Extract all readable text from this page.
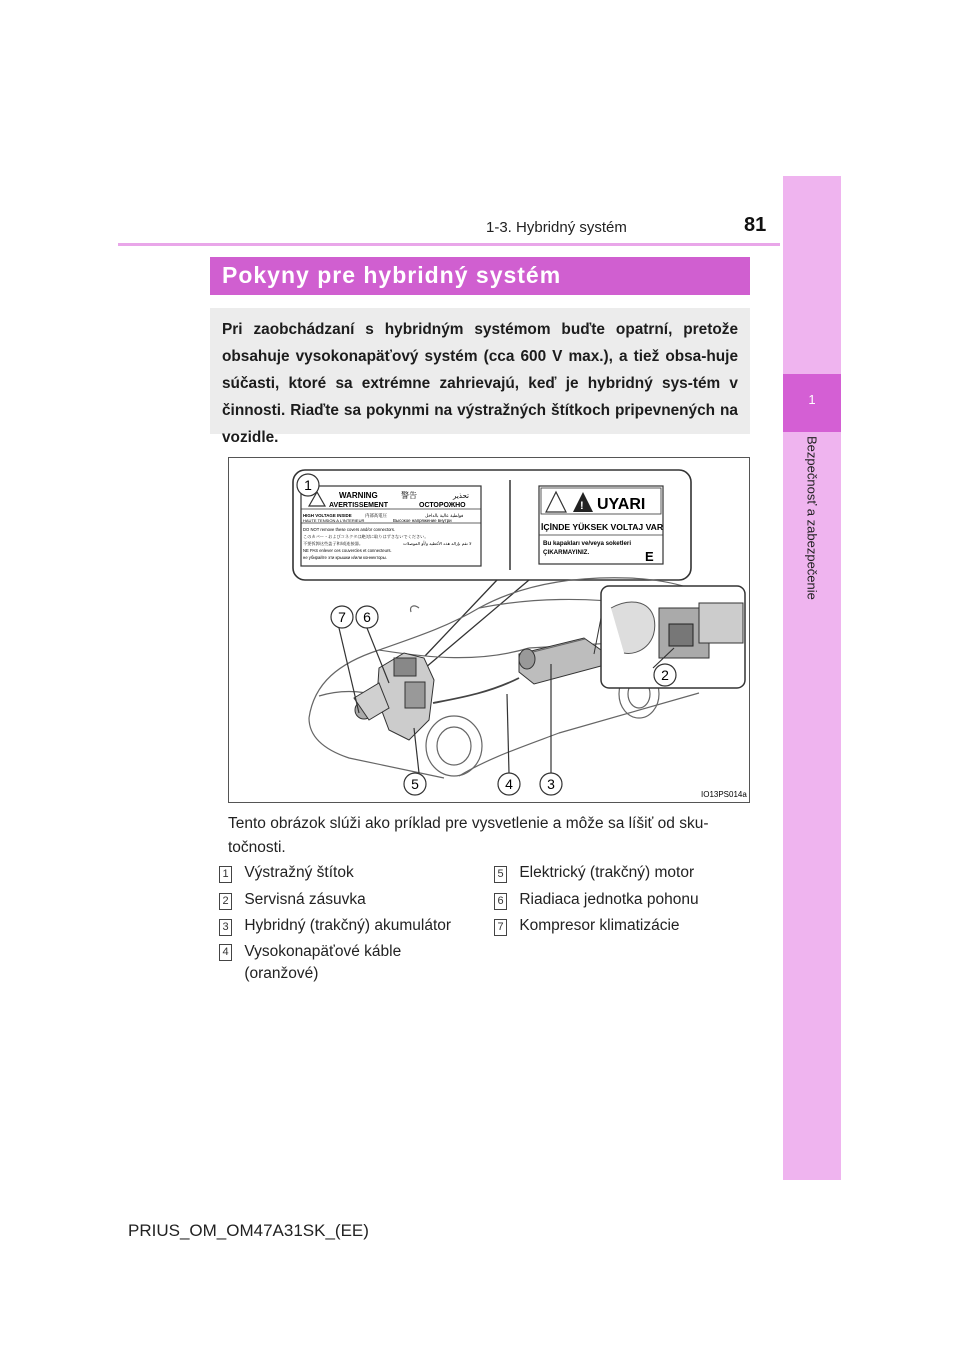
1-3. Hybridný systém	81
1
Bezpečnosť a zabezpečenie
Pokyny pre hybridný systém
Pri zaobchádzaní s hybridným systémom buďte opatrní, pretože obsahuje vysokonapäťový systém (cca 600 V max.), a tiež obsa-huje súčasti, ktoré sa extrémne zahrievajú, keď je hybridný sys-tém v činnosti. Riaďte sa pokynmi na výstražných štítkoch pripevnených na vozidle.
WARNING	警告	تحذير
AVERTISSEMENT	ОСТОРОЖНО
HIGH VOLTAGE INSIDE	内部高電圧	فولطية عالية بالداخل
HAUTE TENSION A L'INTERIEUR	Высокое напряжение внутри
DO NOT remove these covers and/or connectors.
このカバー・およびコネクタは絶対に取りはずさないでください。
不要拆卸这些盖子和/或连接器。	لا تقم بإزالة هذه الأغطية و/أو الموصلات
NE PAS enlever ces couvercles et connecteurs.
не убирайте эти крышки и/или коннекторы.
! UYARI
İÇİNDE YÜKSEK VOLTAJ VAR
Bu kapakları ve/veya soketleri
ÇIKARMAYINIZ.	E
1
2
3
4
5
6
7
IO13PS014a
Tento obrázok slúži ako príklad pre vysvetlenie a môže sa líšiť od sku-točnosti.
1 Výstražný štítok
2 Servisná zásuvka
3 Hybridný (trakčný) akumulátor
4 Vysokonapäťové káble (oranžové)
5 Elektrický (trakčný) motor
6 Riadiaca jednotka pohonu
7 Kompresor klimatizácie
PRIUS_OM_OM47A31SK_(EE)
